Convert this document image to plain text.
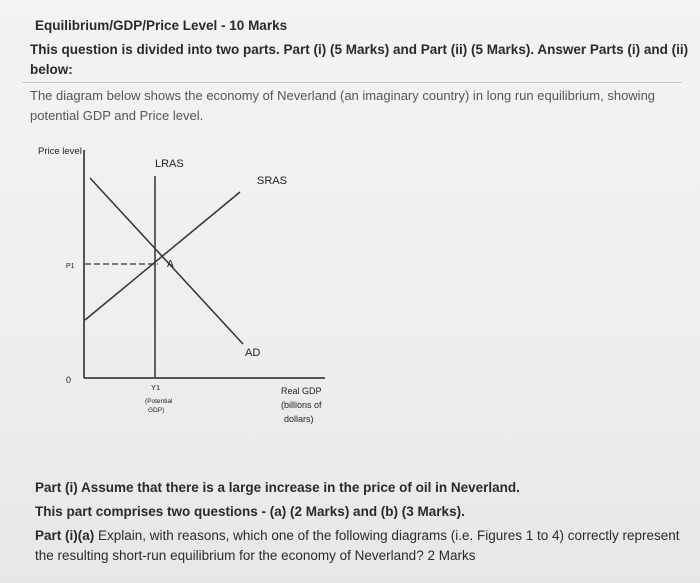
Equilibrium/GDP/Price Level - 10 Marks
This question is divided into two parts. Part (i) (5 Marks) and Part (ii) (5 Marks). Answer Parts (i) and (ii) below:
The diagram below shows the economy of Neverland (an imaginary country) in long run equilibrium, showing potential GDP and Price level.
Price level
LRAS
SRAS
AD
A
P1
0
Y1
(Potential
GDP)
Real GDP
(billions of
dollars)
Part (i) Assume that there is a large increase in the price of oil in Neverland.
This part comprises two questions - (a) (2 Marks) and (b) (3 Marks).
Part (i)(a) Explain, with reasons, which one of the following diagrams (i.e. Figures 1 to 4) correctly represent the resulting short-run equilibrium for the economy of Neverland? 2 Marks
